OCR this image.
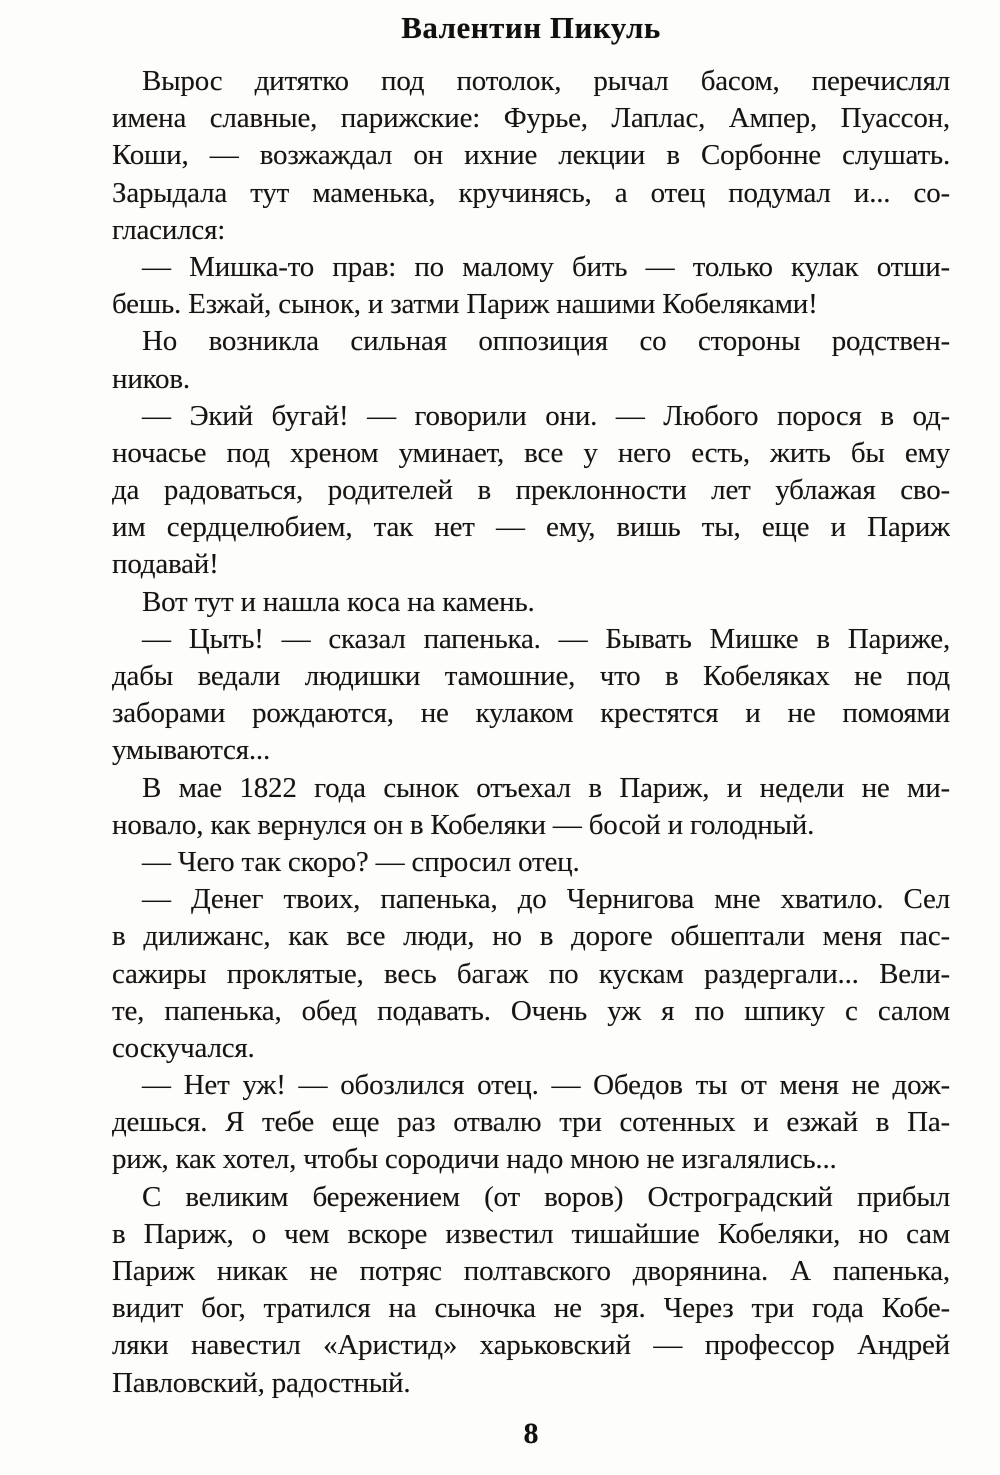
Валентин Пикуль
Вырос дитятко под потолок, рычал басом, перечислял
имена славные, парижские: Фурье, Лаплас, Ампер, Пуассон,
Коши, — возжаждал он ихние лекции в Сорбонне слушать.
Зарыдала тут маменька, кручинясь, а отец подумал и... со-
гласился:
— Мишка-то прав: по малому бить — только кулак отши-
бешь. Езжай, сынок, и затми Париж нашими Кобеляками!
Но возникла сильная оппозиция со стороны родствен-
ников.
— Экий бугай! — говорили они. — Любого порося в од-
ночасье под хреном уминает, все у него есть, жить бы ему
да радоваться, родителей в преклонности лет ублажая сво-
им сердцелюбием, так нет — ему, вишь ты, еще и Париж
подавай!
Вот тут и нашла коса на камень.
— Цыть! — сказал папенька. — Бывать Мишке в Париже,
дабы ведали людишки тамошние, что в Кобеляках не под
заборами рождаются, не кулаком крестятся и не помоями
умываются...
В мае 1822 года сынок отъехал в Париж, и недели не ми-
новало, как вернулся он в Кобеляки — босой и голодный.
— Чего так скоро? — спросил отец.
— Денег твоих, папенька, до Чернигова мне хватило. Сел
в дилижанс, как все люди, но в дороге обшептали меня пас-
сажиры проклятые, весь багаж по кускам раздергали... Вели-
те, папенька, обед подавать. Очень уж я по шпику с салом
соскучался.
— Нет уж! — обозлился отец. — Обедов ты от меня не дож-
дешься. Я тебе еще раз отвалю три сотенных и езжай в Па-
риж, как хотел, чтобы сородичи надо мною не изгалялись...
С великим бережением (от воров) Остроградский прибыл
в Париж, о чем вскоре известил тишайшие Кобеляки, но сам
Париж никак не потряс полтавского дворянина. А папенька,
видит бог, тратился на сыночка не зря. Через три года Кобе-
ляки навестил «Аристид» харьковский — профессор Андрей
Павловский, радостный.
8
